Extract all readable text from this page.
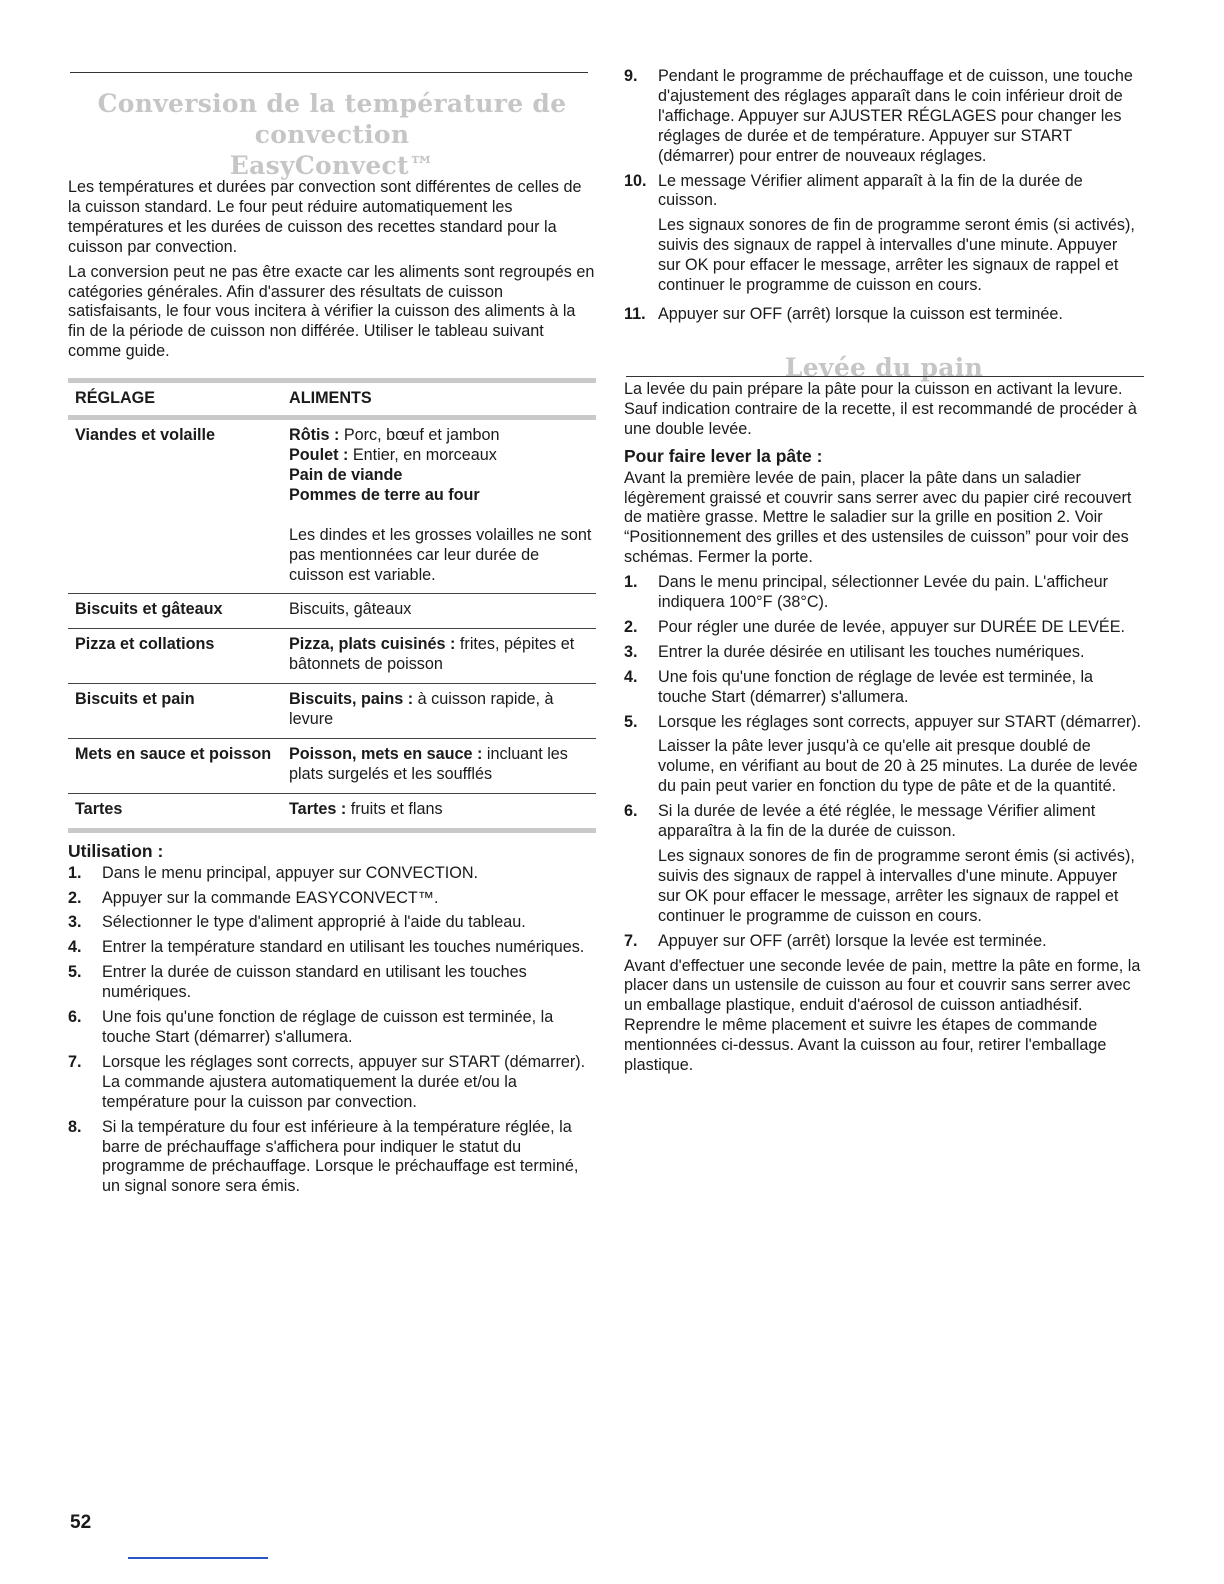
Conversion de la température de convection
EasyConvect™

Les températures et durées par convection sont différentes de celles de la cuisson standard. Le four peut réduire automatiquement les températures et les durées de cuisson des recettes standard pour la cuisson par convection.

La conversion peut ne pas être exacte car les aliments sont regroupés en catégories générales. Afin d'assurer des résultats de cuisson satisfaisants, le four vous incitera à vérifier la cuisson des aliments à la fin de la période de cuisson non différée. Utiliser le tableau suivant comme guide.

RÉGLAGE	ALIMENTS
Viandes et volaille	Rôtis : Porc, bœuf et jambon
Poulet : Entier, en morceaux
Pain de viande
Pommes de terre au four
Les dindes et les grosses volailles ne sont pas mentionnées car leur durée de cuisson est variable.

Biscuits et gâteaux	Biscuits, gâteaux
Pizza et collations	Pizza, plats cuisinés : frites, pépites et bâtonnets de poisson
Biscuits et pain	Biscuits, pains : à cuisson rapide, à levure
Mets en sauce et poisson	Poisson, mets en sauce : incluant les plats surgelés et les soufflés
Tartes	Tartes : fruits et flans
Utilisation :
1.	Dans le menu principal, appuyer sur CONVECTION.
2.	Appuyer sur la commande EASYCONVECT™.
3.	Sélectionner le type d'aliment approprié à l'aide du tableau.
4.	Entrer la température standard en utilisant les touches numériques.
5.	Entrer la durée de cuisson standard en utilisant les touches numériques.
6.	Une fois qu'une fonction de réglage de cuisson est terminée, la touche Start (démarrer) s'allumera.
7.	Lorsque les réglages sont corrects, appuyer sur START (démarrer). La commande ajustera automatiquement la durée et/ou la température pour la cuisson par convection.
8.	Si la température du four est inférieure à la température réglée, la barre de préchauffage s'affichera pour indiquer le statut du programme de préchauffage. Lorsque le préchauffage est terminé, un signal sonore sera émis.
9.	Pendant le programme de préchauffage et de cuisson, une touche d'ajustement des réglages apparaît dans le coin inférieur droit de l'affichage. Appuyer sur AJUSTER RÉGLAGES pour changer les réglages de durée et de température. Appuyer sur START (démarrer) pour entrer de nouveaux réglages.
10. Le message Vérifier aliment apparaît à la fin de la durée de cuisson.

Les signaux sonores de fin de programme seront émis (si activés), suivis des signaux de rappel à intervalles d'une minute. Appuyer sur OK pour effacer le message, arrêter les signaux de rappel et continuer le programme de cuisson en cours.

11. Appuyer sur OFF (arrêt) lorsque la cuisson est terminée.
Levée du pain

La levée du pain prépare la pâte pour la cuisson en activant la levure. Sauf indication contraire de la recette, il est recommandé de procéder à une double levée.

Pour faire lever la pâte :

Avant la première levée de pain, placer la pâte dans un saladier légèrement graissé et couvrir sans serrer avec du papier ciré recouvert de matière grasse. Mettre le saladier sur la grille en position 2. Voir “Positionnement des grilles et des ustensiles de cuisson” pour voir des schémas. Fermer la porte.

1.	Dans le menu principal, sélectionner Levée du pain. L'afficheur indiquera 100°F (38°C).
2.	Pour régler une durée de levée, appuyer sur DURÉE DE LEVÉE.
3.	Entrer la durée désirée en utilisant les touches numériques.
4.	Une fois qu'une fonction de réglage de levée est terminée, la touche Start (démarrer) s'allumera.
5.	Lorsque les réglages sont corrects, appuyer sur START (démarrer).

Laisser la pâte lever jusqu'à ce qu'elle ait presque doublé de volume, en vérifiant au bout de 20 à 25 minutes. La durée de levée du pain peut varier en fonction du type de pâte et de la quantité.

6.	Si la durée de levée a été réglée, le message Vérifier aliment apparaîtra à la fin de la durée de cuisson.

Les signaux sonores de fin de programme seront émis (si activés), suivis des signaux de rappel à intervalles d'une minute. Appuyer sur OK pour effacer le message, arrêter les signaux de rappel et continuer le programme de cuisson en cours.

7.	Appuyer sur OFF (arrêt) lorsque la levée est terminée.

Avant d'effectuer une seconde levée de pain, mettre la pâte en forme, la placer dans un ustensile de cuisson au four et couvrir sans serrer avec un emballage plastique, enduit d'aérosol de cuisson antiadhésif. Reprendre le même placement et suivre les étapes de commande mentionnées ci-dessus. Avant la cuisson au four, retirer l'emballage plastique.

52
